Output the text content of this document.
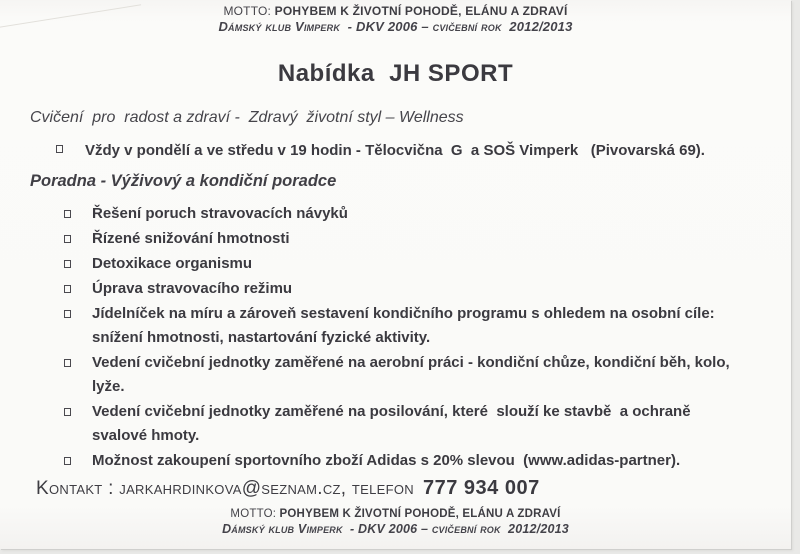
MOTTO: POHYBEM K ŽIVOTNÍ POHODĚ, ELÁNU A ZDRAVÍ
Dámský klub Vimperk  - DKV 2006 – cvičební rok  2012/2013
Nabídka  JH SPORT
Cvičení  pro  radost a zdraví -  Zdravý  životní styl – Wellness
Vždy v pondělí a ve středu v 19 hodin - Tělocvična  G  a SOŠ Vimperk   (Pivovarská 69).
Poradna - Výživový a kondiční poradce
Řešení poruch stravovacích návyků
Řízené snižování hmotnosti
Detoxikace organismu
Úprava stravovacího režimu
Jídelníček na míru a zároveň sestavení kondičního programu s ohledem na osobní cíle: snížení hmotnosti, nastartování fyzické aktivity.
Vedení cvičební jednotky zaměřené na aerobní práci - kondiční chůze, kondiční běh, kolo, lyže.
Vedení cvičební jednotky zaměřené na posilování, které  slouží ke stavbě  a ochraně svalové hmoty.
Možnost zakoupení sportovního zboží Adidas s 20% slevou  (www.adidas-partner).
Kontakt : jarkahrdinkova@seznam.cz, telefon 777 934 007
MOTTO: POHYBEM K ŽIVOTNÍ POHODĚ, ELÁNU A ZDRAVÍ
Dámský klub Vimperk  - DKV 2006 – cvičební rok  2012/2013
